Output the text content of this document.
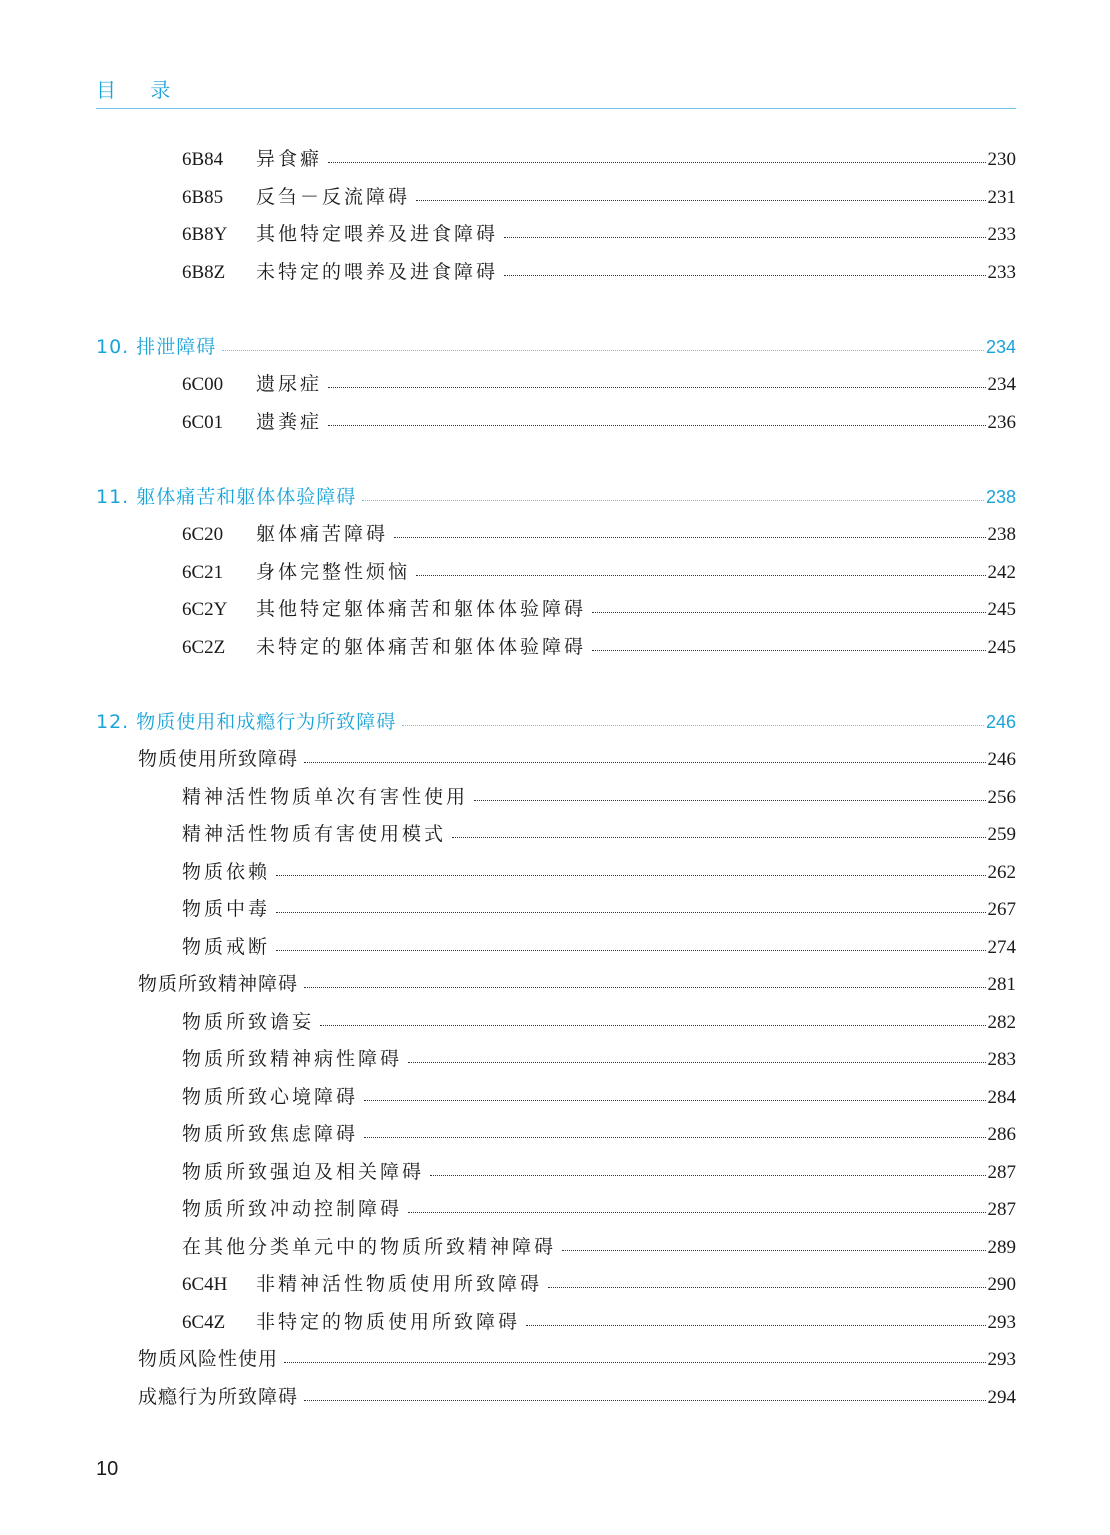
目 录
6B84	异食癖	230
6B85	反刍－反流障碍	231
6B8Y	其他特定喂养及进食障碍	233
6B8Z	未特定的喂养及进食障碍	233
10. 排泄障碍	234
6C00	遗尿症	234
6C01	遗粪症	236
11. 躯体痛苦和躯体体验障碍	238
6C20	躯体痛苦障碍	238
6C21	身体完整性烦恼	242
6C2Y	其他特定躯体痛苦和躯体体验障碍	245
6C2Z	未特定的躯体痛苦和躯体体验障碍	245
12. 物质使用和成瘾行为所致障碍	246
物质使用所致障碍	246
精神活性物质单次有害性使用	256
精神活性物质有害使用模式	259
物质依赖	262
物质中毒	267
物质戒断	274
物质所致精神障碍	281
物质所致谵妄	282
物质所致精神病性障碍	283
物质所致心境障碍	284
物质所致焦虑障碍	286
物质所致强迫及相关障碍	287
物质所致冲动控制障碍	287
在其他分类单元中的物质所致精神障碍	289
6C4H	非精神活性物质使用所致障碍	290
6C4Z	非特定的物质使用所致障碍	293
物质风险性使用	293
成瘾行为所致障碍	294
10
